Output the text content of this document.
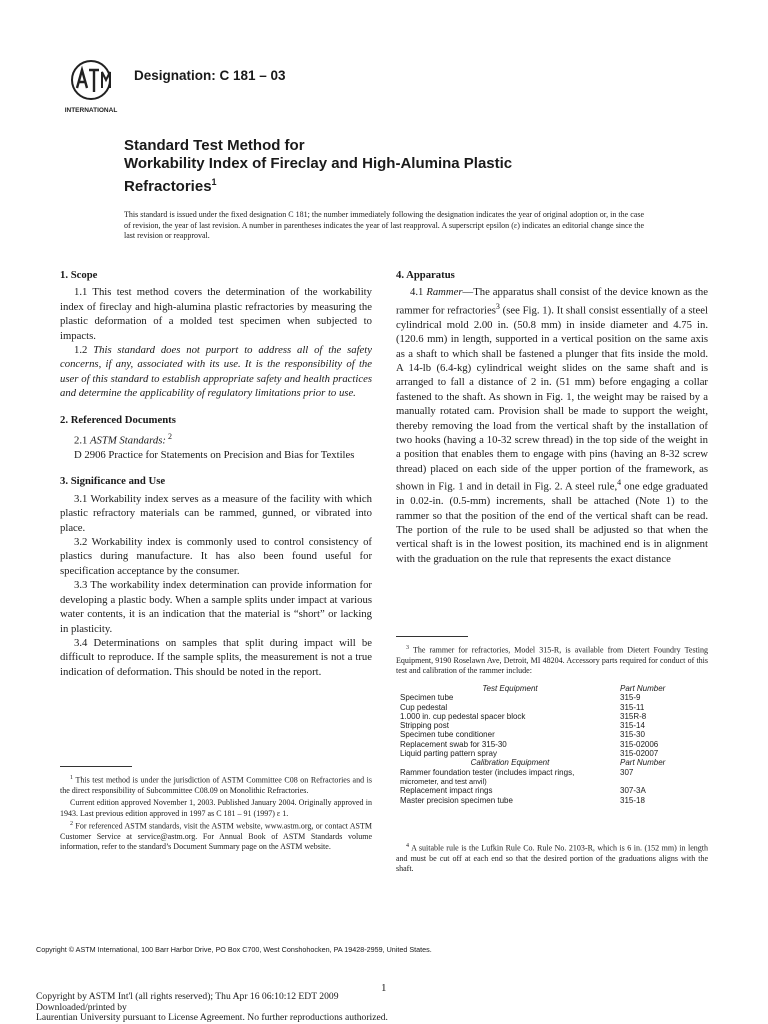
INTERNATIONAL
Designation: C 181 – 03
Standard Test Method for
Workability Index of Fireclay and High-Alumina Plastic
Refractories$^1$
This standard is issued under the fixed designation C 181; the number immediately following the designation indicates the year of original adoption or, in the case of revision, the year of last revision. A number in parentheses indicates the year of last reapproval. A superscript epsilon (ε) indicates an editorial change since the last revision or reapproval.

1. Scope

1.1 This test method covers the determination of the workability index of fireclay and high-alumina plastic refractories by measuring the plastic deformation of a molded test specimen when subjected to impacts.

1.2 This standard does not purport to address all of the safety concerns, if any, associated with its use. It is the responsibility of the user of this standard to establish appropriate safety and health practices and determine the applicability of regulatory limitations prior to use.

2. Referenced Documents

2.1 ASTM Standards: $^2$

D 2906 Practice for Statements on Precision and Bias for Textiles

3. Significance and Use

3.1 Workability index serves as a measure of the facility with which plastic refractory materials can be rammed, gunned, or vibrated into place.

3.2 Workability index is commonly used to control consistency of plastics during manufacture. It has also been found useful for specification acceptance by the consumer.

3.3 The workability index determination can provide information for developing a plastic body. When a sample splits under impact at various water contents, it is an indication that the material is “short” or lacking in plasticity.

3.4 Determinations on samples that split during impact will be difficult to reproduce. If the sample splits, the measurement is not a true indication of deformation. This should be noted in the report.

$^1$ This test method is under the jurisdiction of ASTM Committee C08 on Refractories and is the direct responsibility of Subcommittee C08.09 on Monolithic Refractories.

Current edition approved November 1, 2003. Published January 2004. Originally approved in 1943. Last previous edition approved in 1997 as C 181 – 91 (1997) ε 1.

$^2$ For referenced ASTM standards, visit the ASTM website, www.astm.org, or contact ASTM Customer Service at service@astm.org. For Annual Book of ASTM Standards volume information, refer to the standard’s Document Summary page on the ASTM website.

4. Apparatus

4.1 Rammer—The apparatus shall consist of the device known as the rammer for refractories$^3$ (see Fig. 1). It shall consist essentially of a steel cylindrical mold 2.00 in. (50.8 mm) in inside diameter and 4.75 in. (120.6 mm) in length, supported in a vertical position on the same axis as a shaft to which shall be fastened a plunger that fits inside the mold. A 14-lb (6.4-kg) cylindrical weight slides on the same shaft and is arranged to fall a distance of 2 in. (51 mm) before engaging a collar fastened to the shaft. As shown in Fig. 1, the weight may be raised by a manually rotated cam. Provision shall be made to support the weight, thereby removing the load from the vertical shaft by the installation of two hooks (having a 10-32 screw thread) in the top side of the weight in a position that enables them to engage with pins (having an 8-32 screw thread) placed on each side of the upper portion of the framework, as shown in Fig. 1 and in detail in Fig. 2. A steel rule,$^4$ one edge graduated in 0.02-in. (0.5-mm) increments, shall be attached (Note 1) to the rammer so that the position of the end of the vertical shaft can be read. The portion of the rule to be used shall be adjusted so that when the vertical shaft is in the lowest position, its machined end is in alignment with the graduation on the rule that represents the exact distance

$^3$ The rammer for refractories, Model 315-R, is available from Dietert Foundry Testing Equipment, 9190 Roselawn Ave, Detroit, MI 48204. Accessory parts required for conduct of this test and calibration of the rammer include:

Test Equipment	Part Number
Specimen tube	315-9
Cup pedestal	315-11
1.000 in. cup pedestal spacer block	315R-8
Stripping post	315-14
Specimen tube conditioner	315-30
Replacement swab for 315-30	315-02006
Liquid parting pattern spray	315-02007
Calibration Equipment	Part Number
Rammer foundation tester (includes impact rings,	307
micrometer, and test anvil)	
Replacement impact rings	307-3A
Master precision specimen tube	315-18

$^4$ A suitable rule is the Lufkin Rule Co. Rule No. 2103-R, which is 6 in. (152 mm) in length and must be cut off at each end so that the desired portion of the graduations aligns with the shaft.

Copyright © ASTM International, 100 Barr Harbor Drive, PO Box C700, West Conshohocken, PA 19428-2959, United States.
1
Copyright by ASTM Int'l (all rights reserved); Thu Apr 16 06:10:12 EDT 2009
Downloaded/printed by
Laurentian University pursuant to License Agreement. No further reproductions authorized.
